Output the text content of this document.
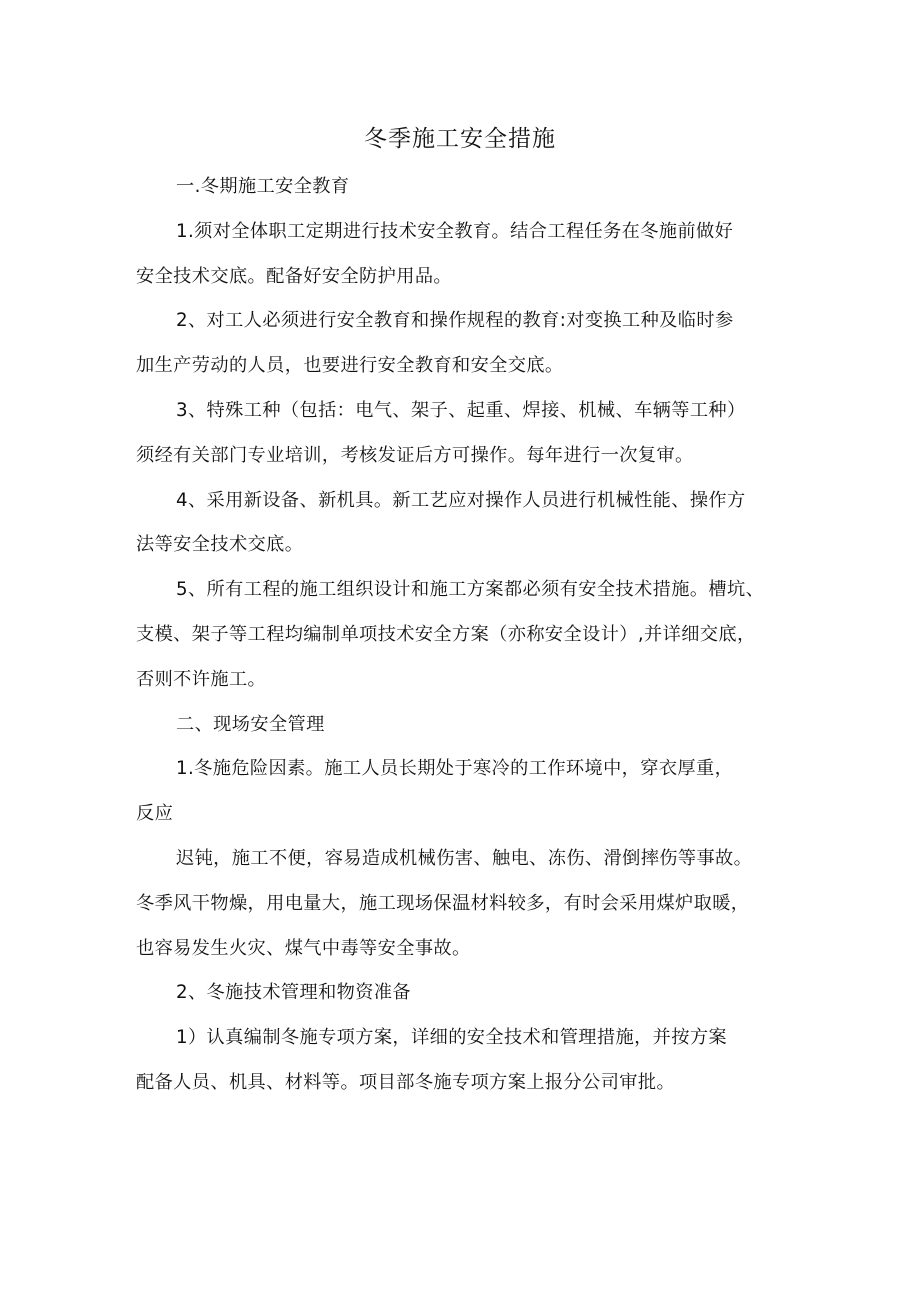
冬季施工安全措施

一.冬期施工安全教育

1.须对全体职工定期进行技术安全教育。结合工程任务在冬施前做好
安全技术交底。配备好安全防护用品。

2、对工人必须进行安全教育和操作规程的教育:对变换工种及临时参
加生产劳动的人员，也要进行安全教育和安全交底。

3、特殊工种（包括：电气、架子、起重、焊接、机械、车辆等工种）
须经有关部门专业培训，考核发证后方可操作。每年进行一次复审。

4、采用新设备、新机具。新工艺应对操作人员进行机械性能、操作方
法等安全技术交底。

5、所有工程的施工组织设计和施工方案都必须有安全技术措施。槽坑、
支模、架子等工程均编制单项技术安全方案（亦称安全设计）,并详细交底，
否则不许施工。

二、现场安全管理

1.冬施危险因素。施工人员长期处于寒冷的工作环境中，穿衣厚重，
反应

迟钝，施工不便，容易造成机械伤害、触电、冻伤、滑倒摔伤等事故。
冬季风干物燥，用电量大，施工现场保温材料较多，有时会采用煤炉取暖，
也容易发生火灾、煤气中毒等安全事故。

2、冬施技术管理和物资准备

1）认真编制冬施专项方案，详细的安全技术和管理措施，并按方案
配备人员、机具、材料等。项目部冬施专项方案上报分公司审批。
